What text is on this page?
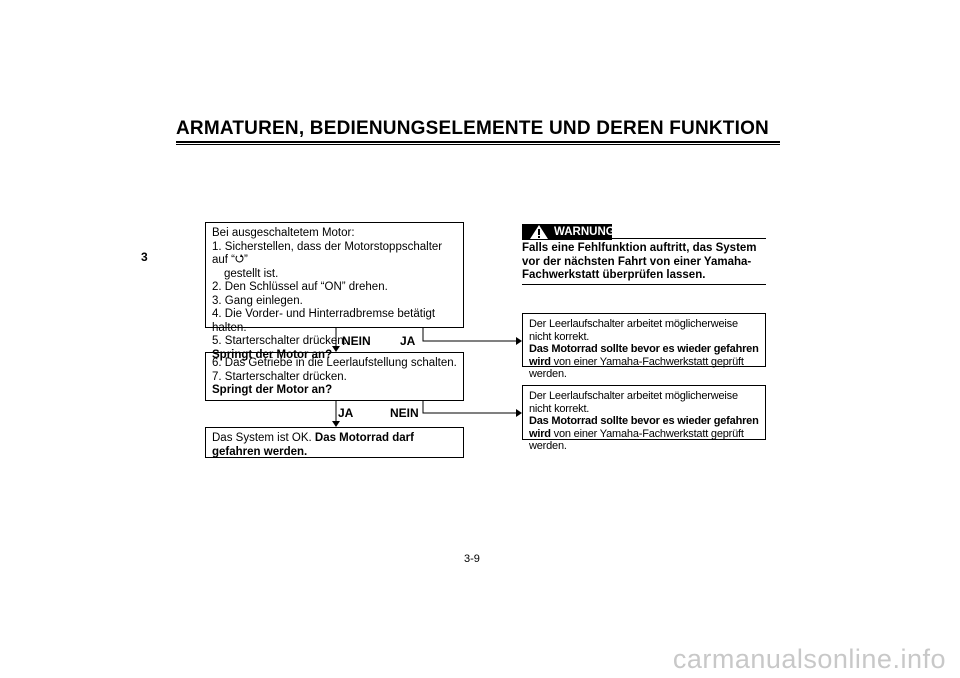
ARMATUREN, BEDIENUNGSELEMENTE UND DEREN FUNKTION
3
Bei ausgeschaltetem Motor:
1. Sicherstellen, dass der Motorstoppschalter auf “ ”
gestellt ist.
2. Den Schlüssel auf “ON” drehen.
3. Gang einlegen.
4. Die Vorder- und Hinterradbremse betätigt halten.
5. Starterschalter drücken.
Springt der Motor an?
NEIN JA
6. Das Getriebe in die Leerlaufstellung schalten.
7. Starterschalter drücken.
Springt der Motor an?
JA	NEIN
Das System ist OK. Das Motorrad darf gefahren werden.
WARNUNG
Falls eine Fehlfunktion auftritt, das System vor der nächsten Fahrt von einer Yamaha-Fachwerkstatt überprüfen lassen.
Der Leerlaufschalter arbeitet möglicherweise nicht korrekt.
Das Motorrad sollte bevor es wieder gefahren wird von einer Yamaha-Fachwerkstatt geprüft werden.
Der Leerlaufschalter arbeitet möglicherweise nicht korrekt.
Das Motorrad sollte bevor es wieder gefahren wird von einer Yamaha-Fachwerkstatt geprüft werden.
3-9
carmanualsonline.info
